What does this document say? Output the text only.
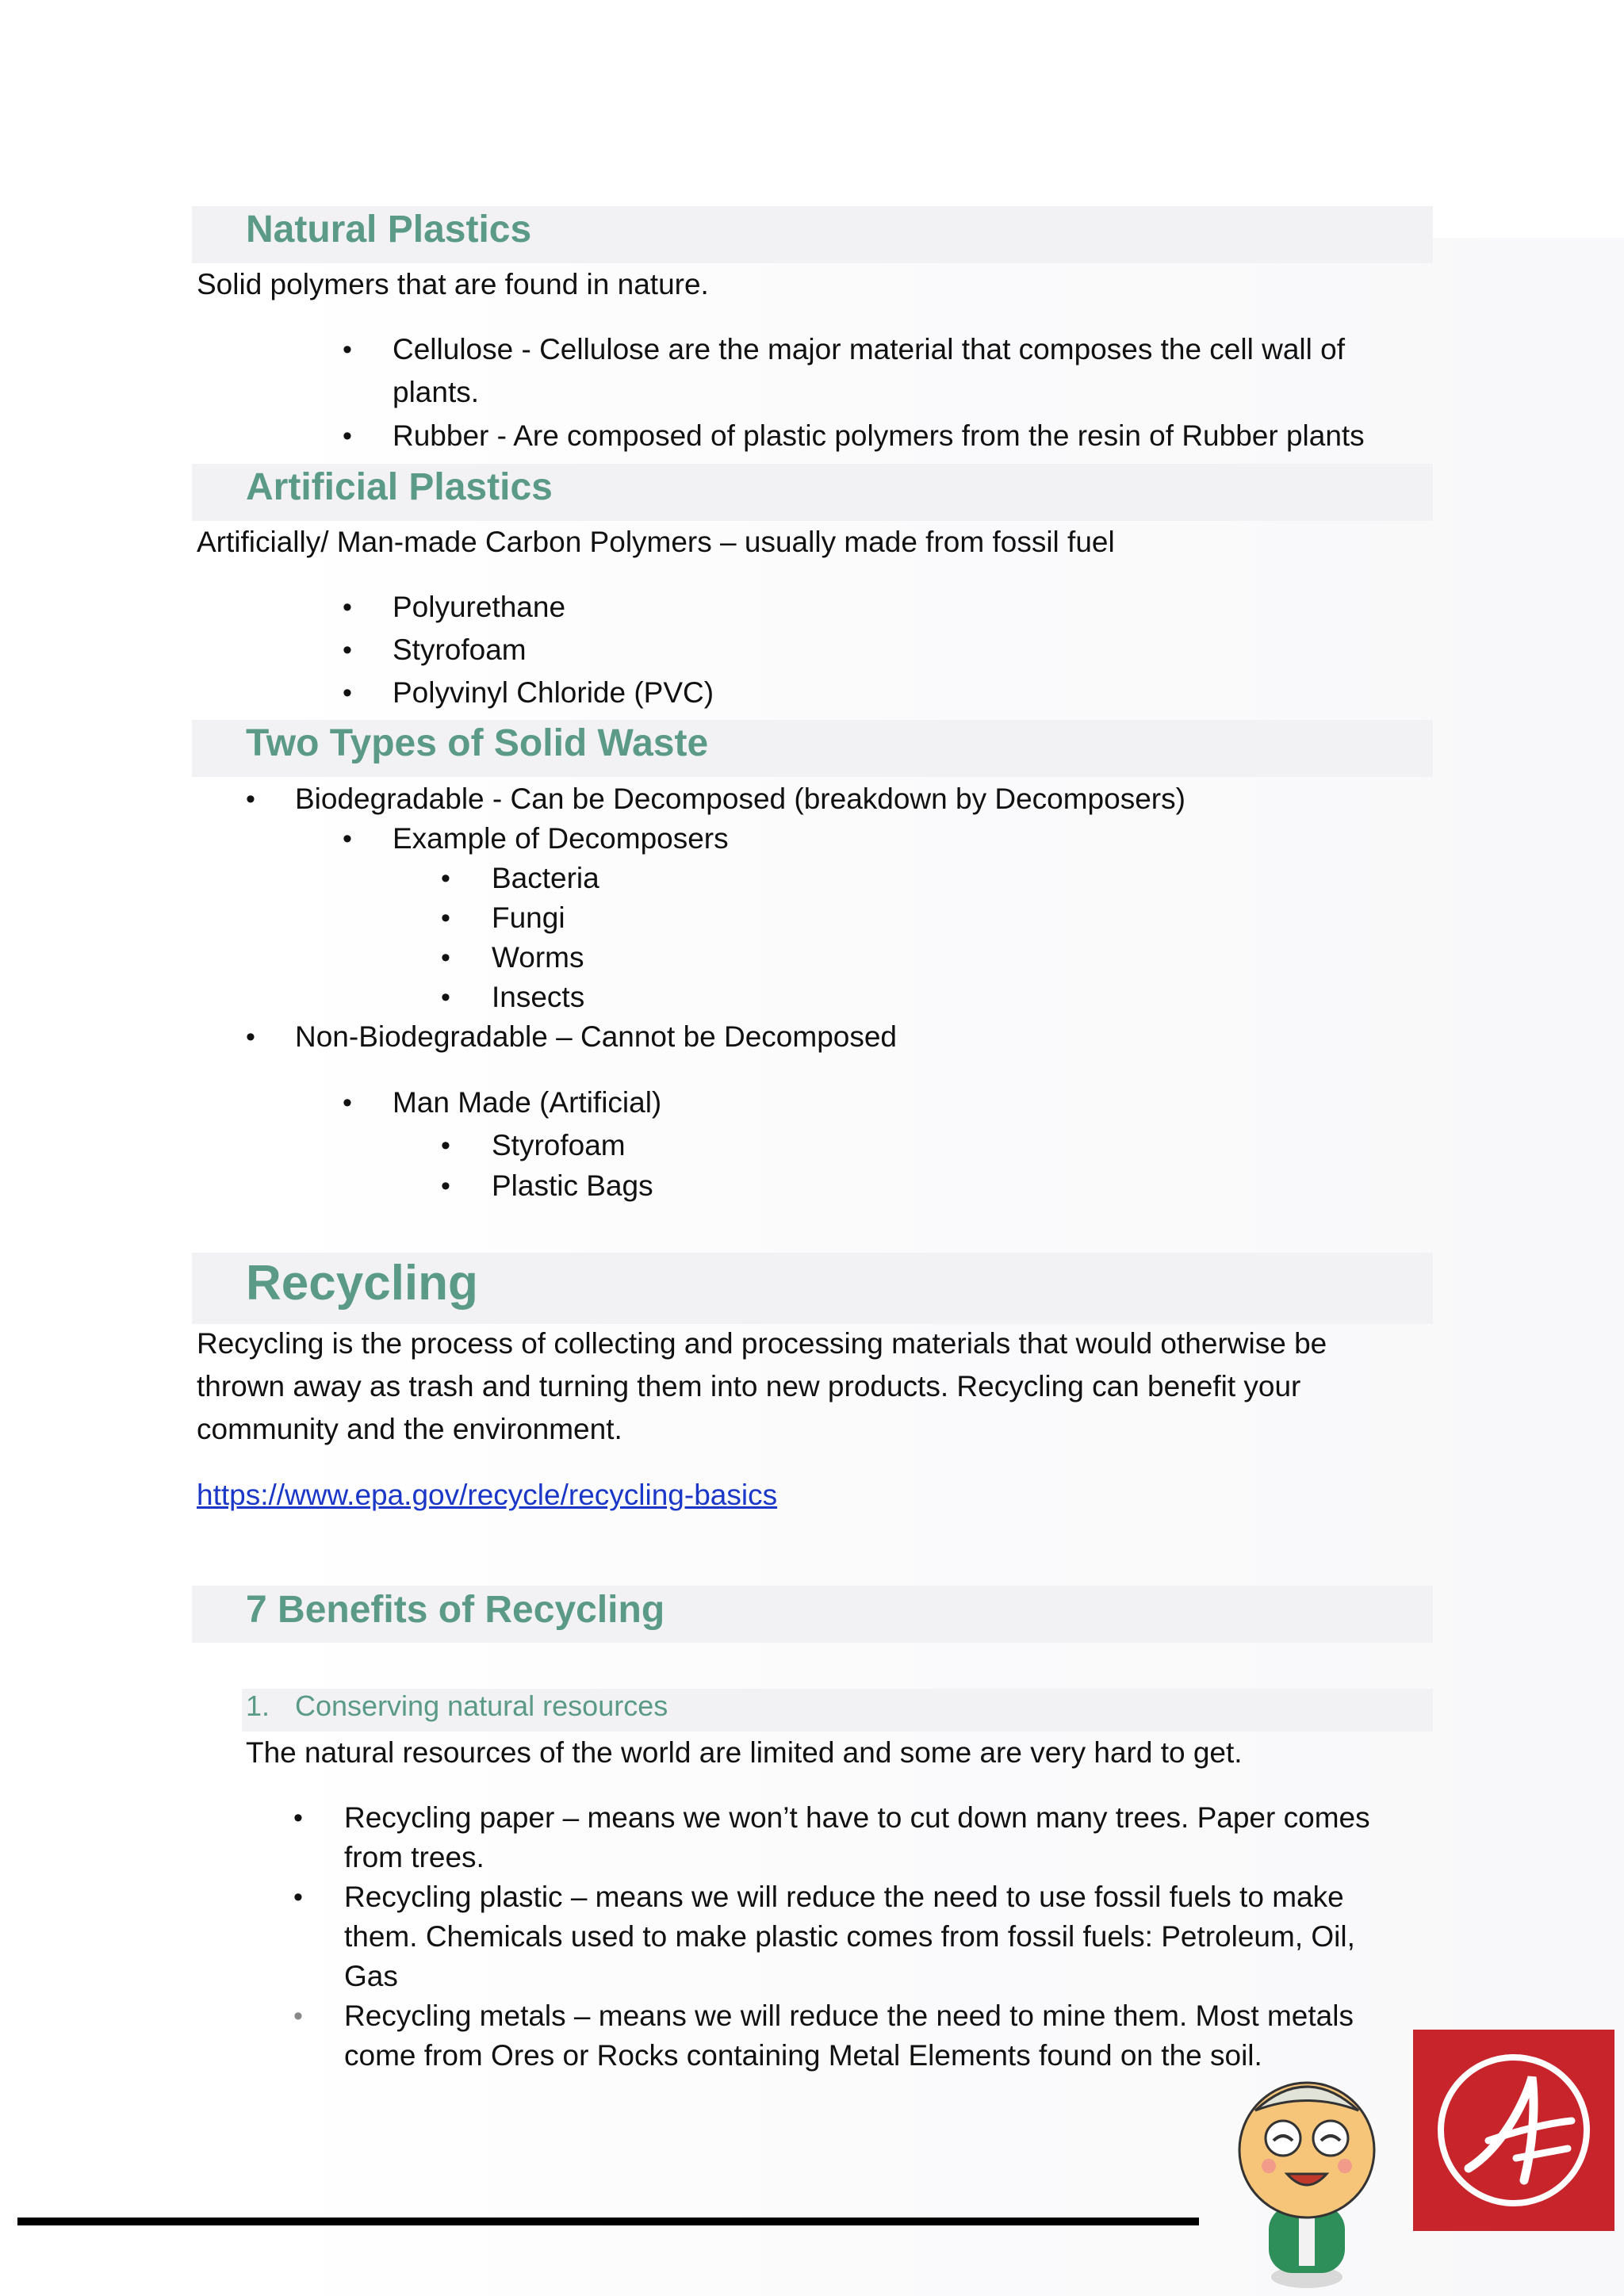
Natural Plastics
Solid polymers that are found in nature.
• Cellulose - Cellulose are the major material that composes the cell wall of
plants.
• Rubber - Are composed of plastic polymers from the resin of Rubber plants
Artificial Plastics
Artificially/ Man-made Carbon Polymers – usually made from fossil fuel
• Polyurethane
• Styrofoam
• Polyvinyl Chloride (PVC)
Two Types of Solid Waste
• Biodegradable - Can be Decomposed (breakdown by Decomposers)
• Example of Decomposers
• Bacteria
• Fungi
• Worms
• Insects
• Non-Biodegradable – Cannot be Decomposed
• Man Made (Artificial)
• Styrofoam
• Plastic Bags
Recycling
Recycling is the process of collecting and processing materials that would otherwise be
thrown away as trash and turning them into new products. Recycling can benefit your
community and the environment.
https://www.epa.gov/recycle/recycling-basics
7 Benefits of Recycling
1. Conserving natural resources
The natural resources of the world are limited and some are very hard to get.
• Recycling paper – means we won’t have to cut down many trees. Paper comes
from trees.
• Recycling plastic – means we will reduce the need to use fossil fuels to make
them. Chemicals used to make plastic comes from fossil fuels: Petroleum, Oil,
Gas
• Recycling metals – means we will reduce the need to mine them. Most metals
come from Ores or Rocks containing Metal Elements found on the soil.
